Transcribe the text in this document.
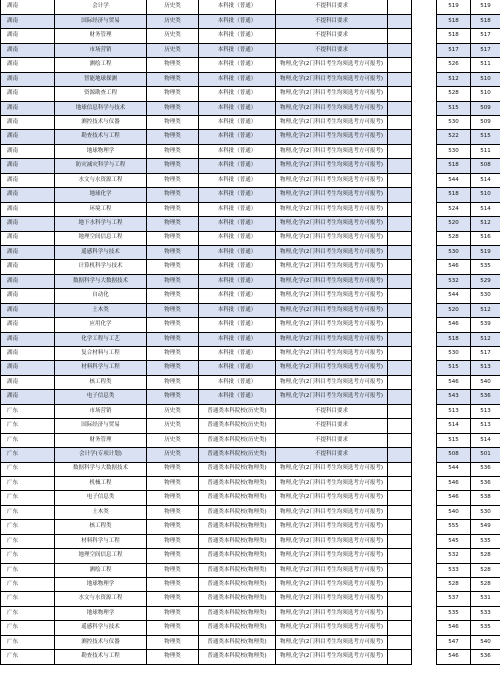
湖南	会计学	历史类	本科批（普通）	不提科目要求			519	519
湖南	国际经济与贸易	历史类	本科批（普通）	不提科目要求			518	518
湖南	财务管理	历史类	本科批（普通）	不提科目要求			518	517
湖南	市场营销	历史类	本科批（普通）	不提科目要求			517	517
湖南	测绘工程	物理类	本科批（普通）	物理,化学(2门科目考生均须选考方可报考)			526	511
湖南	智能地球探测	物理类	本科批（普通）	物理,化学(2门科目考生均须选考方可报考)			512	510
湖南	资源勘查工程	物理类	本科批（普通）	物理,化学(2门科目考生均须选考方可报考)			528	510
湖南	地球信息科学与技术	物理类	本科批（普通）	物理,化学(2门科目考生均须选考方可报考)			515	509
湖南	测控技术与仪器	物理类	本科批（普通）	物理,化学(2门科目考生均须选考方可报考)			530	509
湖南	勘查技术与工程	物理类	本科批（普通）	物理,化学(2门科目考生均须选考方可报考)			522	515
湖南	地球物理学	物理类	本科批（普通）	物理,化学(2门科目考生均须选考方可报考)			530	511
湖南	防灾减灾科学与工程	物理类	本科批（普通）	物理,化学(2门科目考生均须选考方可报考)			518	508
湖南	水文与水资源工程	物理类	本科批（普通）	物理,化学(2门科目考生均须选考方可报考)			544	514
湖南	地球化学	物理类	本科批（普通）	物理,化学(2门科目考生均须选考方可报考)			518	510
湖南	环境工程	物理类	本科批（普通）	物理,化学(2门科目考生均须选考方可报考)			524	514
湖南	地下水科学与工程	物理类	本科批（普通）	物理,化学(2门科目考生均须选考方可报考)			520	512
湖南	地理空间信息工程	物理类	本科批（普通）	物理,化学(2门科目考生均须选考方可报考)			528	516
湖南	遥感科学与技术	物理类	本科批（普通）	物理,化学(2门科目考生均须选考方可报考)			530	519
湖南	计算机科学与技术	物理类	本科批（普通）	物理,化学(2门科目考生均须选考方可报考)			546	535
湖南	数据科学与大数据技术	物理类	本科批（普通）	物理,化学(2门科目考生均须选考方可报考)			532	529
湖南	自动化	物理类	本科批（普通）	物理,化学(2门科目考生均须选考方可报考)			544	530
湖南	土木类	物理类	本科批（普通）	物理,化学(2门科目考生均须选考方可报考)			520	512
湖南	应用化学	物理类	本科批（普通）	物理,化学(2门科目考生均须选考方可报考)			546	539
湖南	化学工程与工艺	物理类	本科批（普通）	物理,化学(2门科目考生均须选考方可报考)			518	512
湖南	复合材料与工程	物理类	本科批（普通）	物理,化学(2门科目考生均须选考方可报考)			530	517
湖南	材料科学与工程	物理类	本科批（普通）	物理,化学(2门科目考生均须选考方可报考)			515	513
湖南	核工程类	物理类	本科批（普通）	物理,化学(2门科目考生均须选考方可报考)			546	540
湖南	电子信息类	物理类	本科批（普通）	物理,化学(2门科目考生均须选考方可报考)			543	536
广东	市场营销	历史类	普通类本科院校(历史类)	不提科目要求			513	513
广东	国际经济与贸易	历史类	普通类本科院校(历史类)	不提科目要求			514	513
广东	财务管理	历史类	普通类本科院校(历史类)	不提科目要求			515	514
广东	会计学(专项计划)	历史类	普通类本科院校(历史类)	不提科目要求			508	501
广东	数据科学与大数据技术	物理类	普通类本科院校(物理类)	物理,化学(2门科目考生均须选考方可报考)			544	536
广东	机械工程	物理类	普通类本科院校(物理类)	物理,化学(2门科目考生均须选考方可报考)			546	536
广东	电子信息类	物理类	普通类本科院校(物理类)	物理,化学(2门科目考生均须选考方可报考)			546	538
广东	土木类	物理类	普通类本科院校(物理类)	物理,化学(2门科目考生均须选考方可报考)			540	530
广东	核工程类	物理类	普通类本科院校(物理类)	物理,化学(2门科目考生均须选考方可报考)			555	549
广东	材料科学与工程	物理类	普通类本科院校(物理类)	物理,化学(2门科目考生均须选考方可报考)			545	535
广东	地理空间信息工程	物理类	普通类本科院校(物理类)	物理,化学(2门科目考生均须选考方可报考)			532	528
广东	测绘工程	物理类	普通类本科院校(物理类)	物理,化学(2门科目考生均须选考方可报考)			533	528
广东	地球物理学	物理类	普通类本科院校(物理类)	物理,化学(2门科目考生均须选考方可报考)			528	528
广东	水文与水资源工程	物理类	普通类本科院校(物理类)	物理,化学(2门科目考生均须选考方可报考)			537	531
广东	地球物理学	物理类	普通类本科院校(物理类)	物理,化学(2门科目考生均须选考方可报考)			535	533
广东	遥感科学与技术	物理类	普通类本科院校(物理类)	物理,化学(2门科目考生均须选考方可报考)			546	535
广东	测控技术与仪器	物理类	普通类本科院校(物理类)	物理,化学(2门科目考生均须选考方可报考)			547	540
广东	勘查技术与工程	物理类	普通类本科院校(物理类)	物理,化学(2门科目考生均须选考方可报考)			546	536
